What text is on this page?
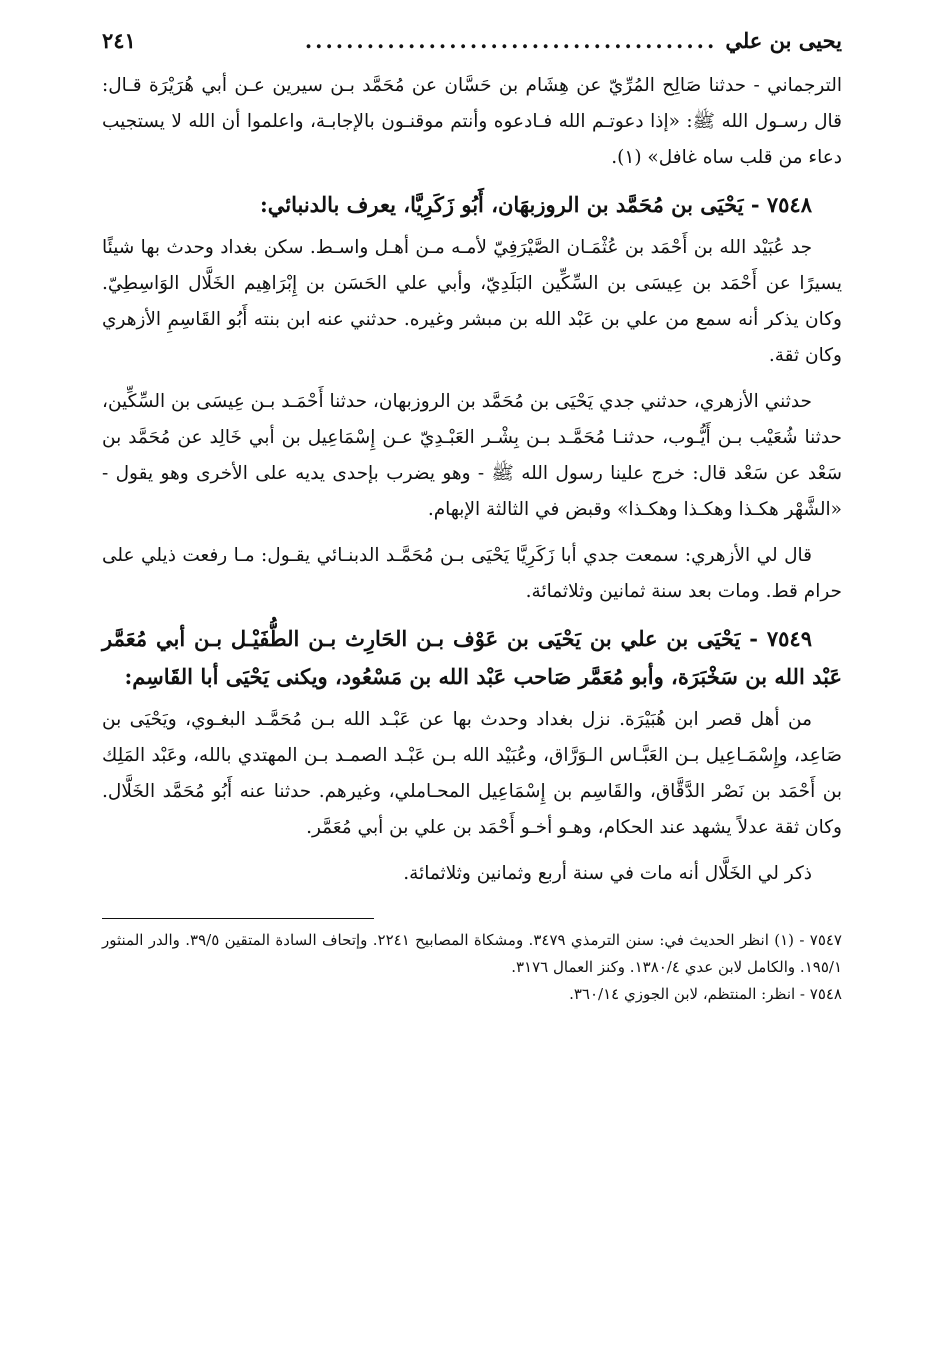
يحيى بن علي
........................................
٢٤١

الترجماني - حدثنا صَالِح المُرِّيّ عن هِشَام بن حَسَّان عن مُحَمَّد بـن سيرين عـن أبي هُرَيْرَة قـال: قال رسـول الله ﷺ: «إذا دعوتـم الله فـادعوه وأنتم موقنـون بالإجابـة، واعلموا أن الله لا يستجيب دعاء من قلب ساه غافل» (١).

٧٥٤٨ - يَحْيَى بن مُحَمَّد بن الروزبهَان، أَبُو زَكَرِيَّا، يعرف بالدنبائي:

جد عُبَيْد الله بن أَحْمَد بن عُثْمَـان الصَّيْرَفِيّ لأمـه مـن أهـل واسـط. سكن بغداد وحدث بها شيئًا يسيرًا عن أَحْمَد بن عِيسَى بن السِّكِّين البَلَدِيّ، وأبي علي الحَسَن بن إِبْرَاهِيم الخَلَّال الوَاسِطِيّ. وكان يذكر أنه سمع من علي بن عَبْد الله بن مبشر وغيره. حدثني عنه ابن بنته أَبُو القَاسِمِ الأزهري وكان ثقة.

حدثني الأزهري، حدثني جدي يَحْيَى بن مُحَمَّد بن الروزبهان، حدثنا أَحْمَـد بـن عِيسَى بن السِّكِّين، حدثنا شُعَيْب بـن أَيُّـوب، حدثنـا مُحَمَّـد بـن بِشْـر العَبْـدِيّ عـن إِسْمَاعِيل بن أبي خَالِد عن مُحَمَّد بن سَعْد عن سَعْد قال: خرج علينا رسول الله ﷺ - وهو يضرب بإحدى يديه على الأخرى وهو يقول - «الشَّهْر هكـذا وهكـذا وهكـذا» وقبض في الثالثة الإبهام.

قال لي الأزهري: سمعت جدي أبا زَكَرِيَّا يَحْيَى بـن مُحَمَّـد الدبنـائي يقـول: مـا رفعت ذيلي على حرام قط. ومات بعد سنة ثمانين وثلاثمائة.

٧٥٤٩ - يَحْيَى بن علي بن يَحْيَى بن عَوْف بـن الحَارِث بـن الطُّفَيْـل بـن أبي مُعَمَّر عَبْد الله بن سَخْبَرَة، وأبو مُعَمَّر صَاحب عَبْد الله بن مَسْعُود، ويكنى يَحْيَى أبا القَاسِم:

من أهل قصر ابن هُبَيْرَة. نزل بغداد وحدث بها عن عَبْـد الله بـن مُحَمَّـد البغـوي، ويَحْيَى بن صَاعِد، وإِسْمَـاعِيل بـن العَبَّـاس الـوَرَّاق، وعُبَيْد الله بـن عَبْـد الصمـد بـن المهتدي بالله، وعَبْد المَلِك بن أَحْمَد بن نَصْر الدَّقَّاق، والقَاسِم بن إِسْمَاعِيل المحـاملي، وغيرهم. حدثنا عنه أَبُو مُحَمَّد الخَلَّال. وكان ثقة عدلاً يشهد عند الحكام، وهـو أخـو أَحْمَد بن علي بن أبي مُعَمَّر.

ذكر لي الخَلَّال أنه مات في سنة أربع وثمانين وثلاثمائة.

٧٥٤٧ - (١) انظر الحديث في: سنن الترمذي ٣٤٧٩. ومشكاة المصابيح ٢٢٤١. وإتحاف السادة المتقين ٣٩/٥. والدر المنثور ١٩٥/١. والكامل لابن عدي ١٣٨٠/٤. وكنز العمال ٣١٧٦.

٧٥٤٨ - انظر: المنتظم، لابن الجوزي ٣٦٠/١٤.
